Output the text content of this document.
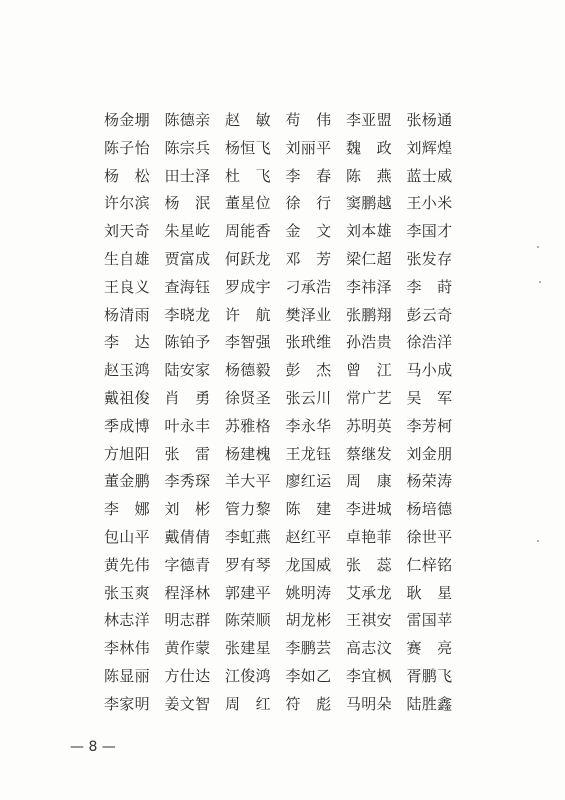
杨金堋 陈德亲 赵　敏 苟　伟 李亚盟 张杨通
陈子怡 陈宗兵 杨恒飞 刘丽平 魏　政 刘辉煌
杨　松 田士泽 杜　飞 李　春 陈　燕 蓝士威
许尔滨 杨　泯 董星位 徐　行 窦鹏越 王小米
刘天奇 朱星屹 周能香 金　文 刘本雄 李国才
生自雄 贾富成 何跃龙 邓　芳 梁仁超 张发存
王良义 查海钰 罗成宇 刁承浩 李祎泽 李　莳
杨清雨 李晓龙 许　航 樊泽业 张鹏翔 彭云奇
李　达 陈铂予 李智强 张玳维 孙浩贵 徐浩洋
赵玉鸿 陆安家 杨德毅 彭　杰 曾　江 马小成
戴祖俊 肖　勇 徐贤圣 张云川 常广艺 吴　军
季成博 叶永丰 苏雅格 李永华 苏明英 李芳柯
方旭阳 张　雷 杨建槐 王龙钰 蔡继发 刘金朋
董金鹏 李秀琛 羊大平 廖红运 周　康 杨荣涛
李　娜 刘　彬 管力黎 陈　建 李进城 杨培德
包山平 戴倩倩 李虹燕 赵红平 卓艳菲 徐世平
黄先伟 字德青 罗有琴 龙国威 张　蕊 仁梓铭
张玉爽 程泽林 郭建平 姚明涛 艾承龙 耿　星
林志洋 明志群 陈荣顺 胡龙彬 王祺安 雷国苹
李林伟 黄作蒙 张建星 李鹏芸 高志汶 赛　亮
陈显丽 方仕达 江俊鸿 李如乙 李宜枫 胥鹏飞
李家明 姜文智 周　红 符　彪 马明朵 陆胜鑫
— 8 —
